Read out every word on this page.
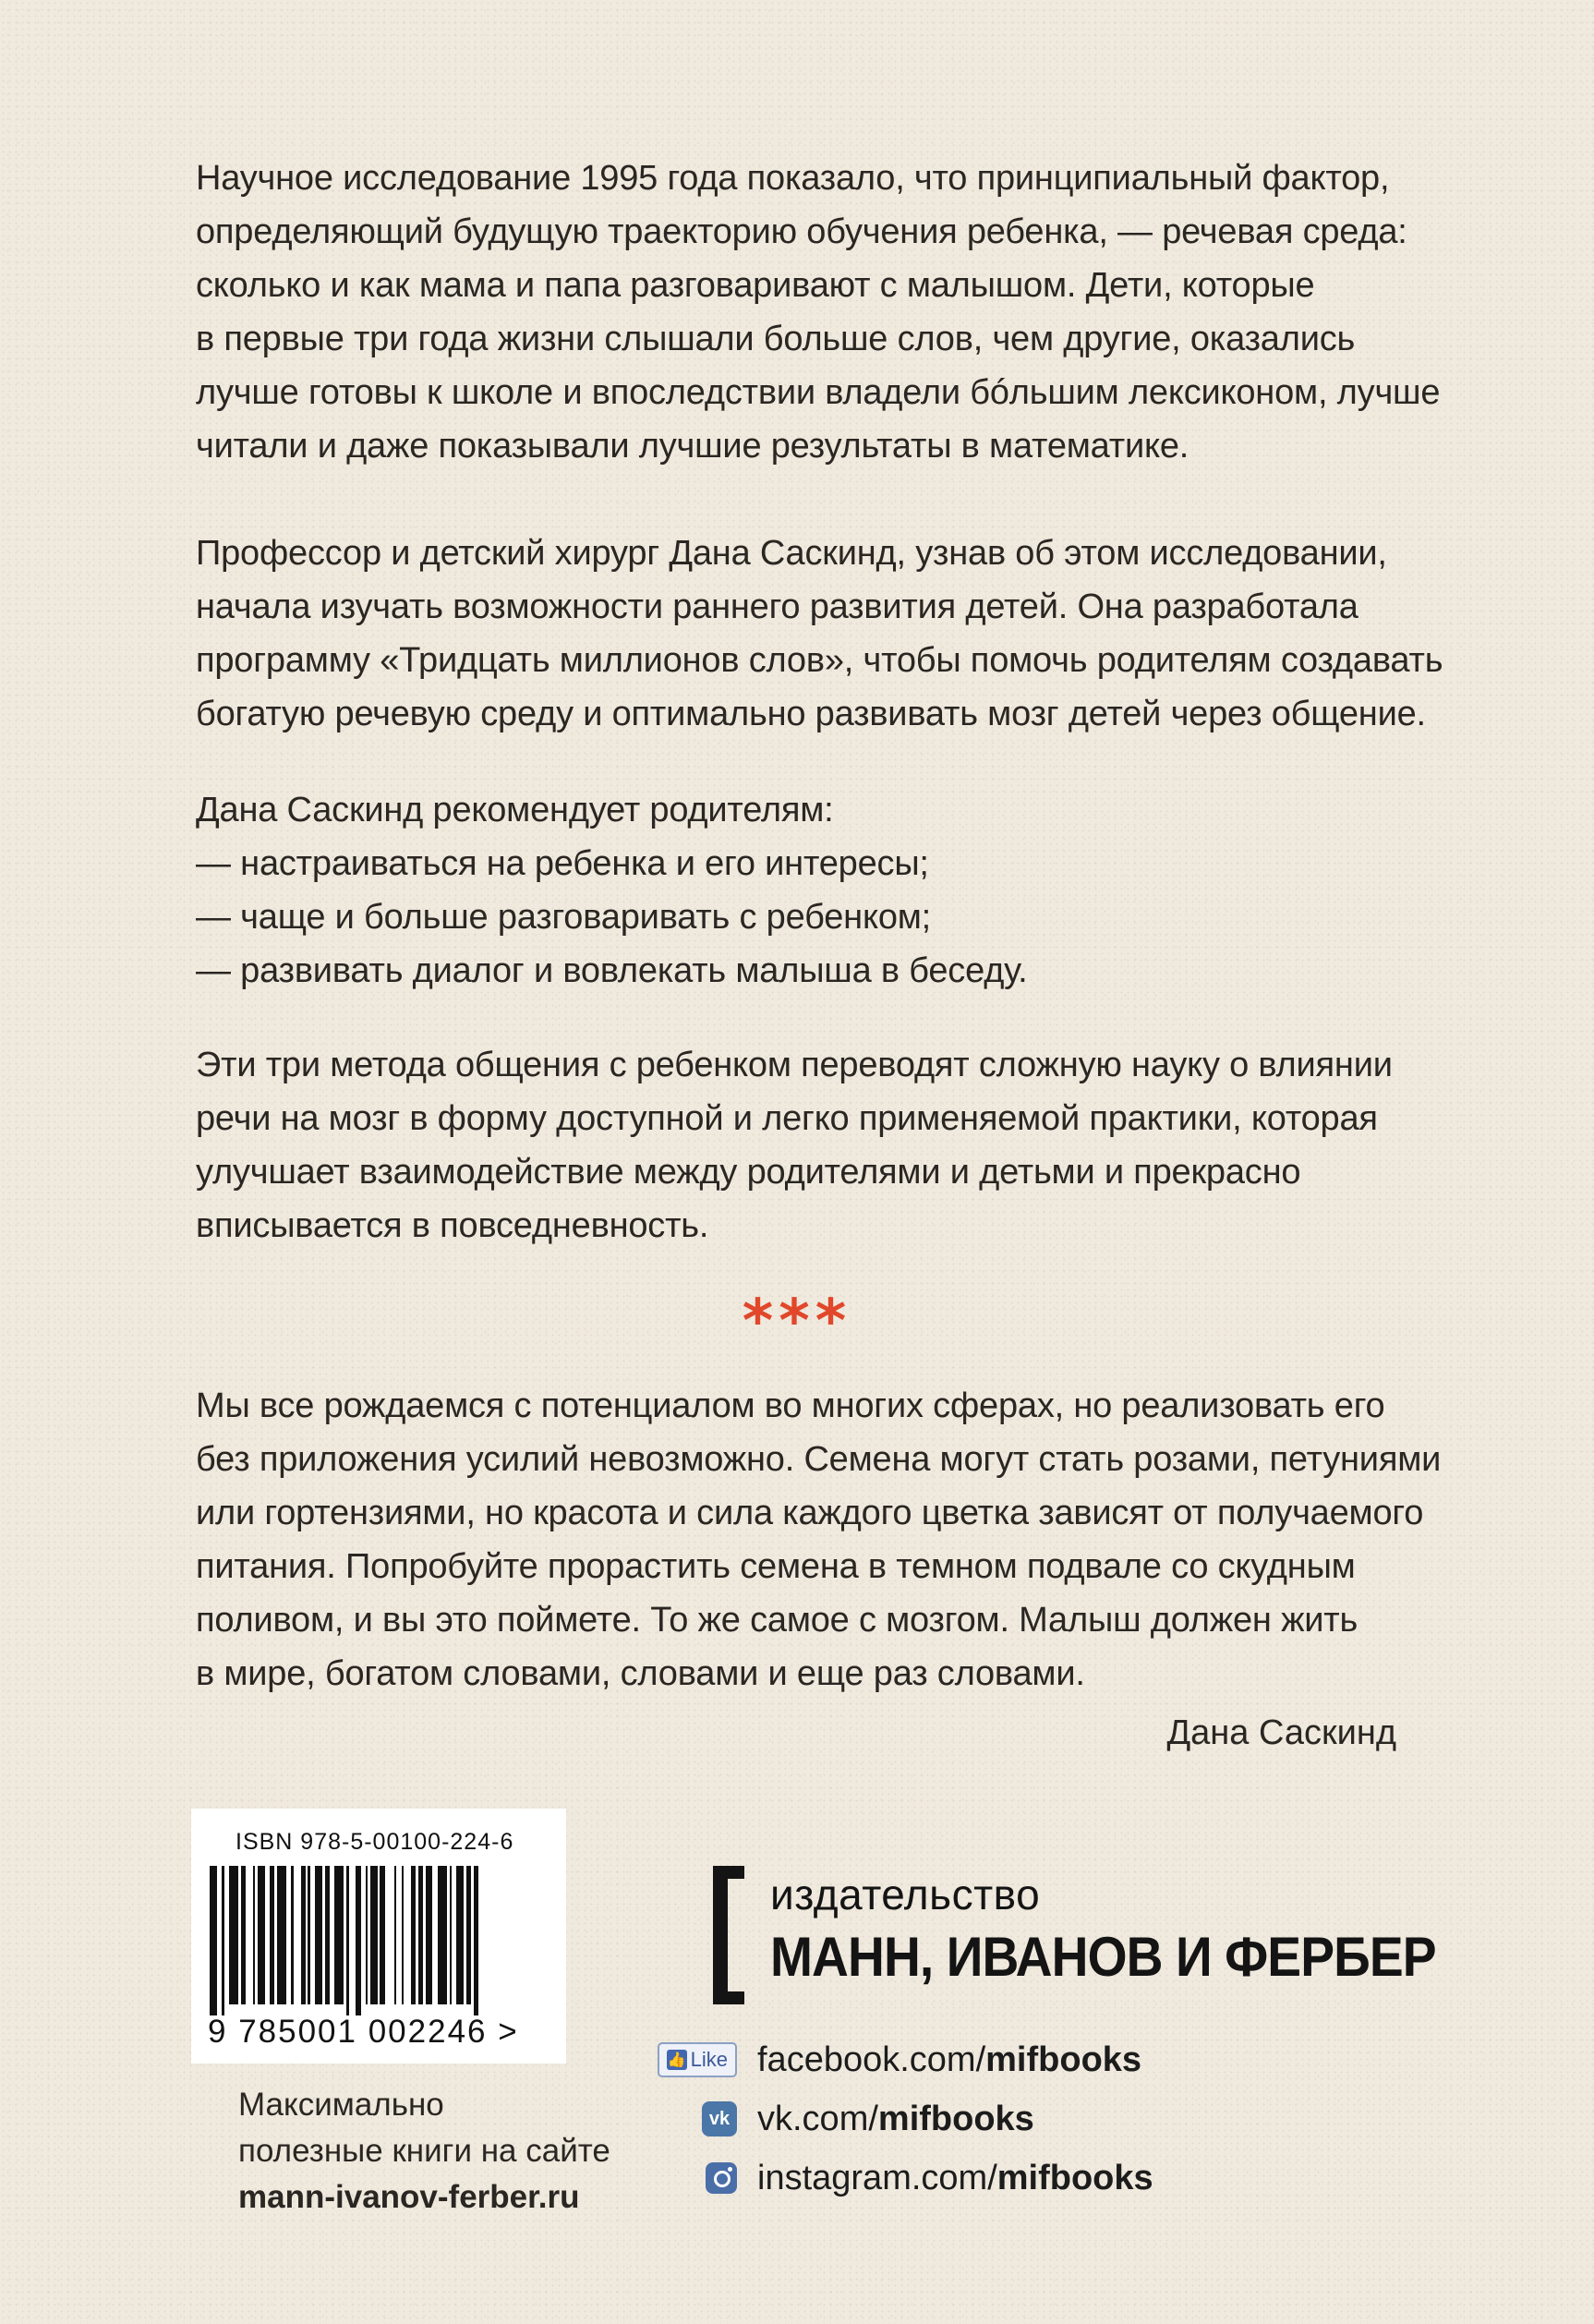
Научное исследование 1995 года показало, что принципиальный фактор,
определяющий будущую траекторию обучения ребенка, — речевая среда:
сколько и как мама и папа разговаривают с малышом. Дети, которые
в первые три года жизни слышали больше слов, чем другие, оказались
лучше готовы к школе и впоследствии владели бóльшим лексиконом, лучше
читали и даже показывали лучшие результаты в математике.
Профессор и детский хирург Дана Саскинд, узнав об этом исследовании,
начала изучать возможности раннего развития детей. Она разработала
программу «Тридцать миллионов слов», чтобы помочь родителям создавать
богатую речевую среду и оптимально развивать мозг детей через общение.
Дана Саскинд рекомендует родителям:
— настраиваться на ребенка и его интересы;
— чаще и больше разговаривать с ребенком;
— развивать диалог и вовлекать малыша в беседу.
Эти три метода общения с ребенком переводят сложную науку о влиянии
речи на мозг в форму доступной и легко применяемой практики, которая
улучшает взаимодействие между родителями и детьми и прекрасно
вписывается в повседневность.
***
Мы все рождаемся с потенциалом во многих сферах, но реализовать его
без приложения усилий невозможно. Семена могут стать розами, петуниями
или гортензиями, но красота и сила каждого цветка зависят от получаемого
питания. Попробуйте прорастить семена в темном подвале со скудным
поливом, и вы это поймете. То же самое с мозгом. Малыш должен жить
в мире, богатом словами, словами и еще раз словами.
Дана Саскинд
ISBN 978-5-00100-224-6
9 785001 002246 >
Максимально
полезные книги на сайте
mann-ivanov-ferber.ru
издательство
МАНН, ИВАНОВ И ФЕРБЕР
👍 Like facebook.com/mifbooks
vk vk.com/mifbooks
instagram.com/mifbooks
